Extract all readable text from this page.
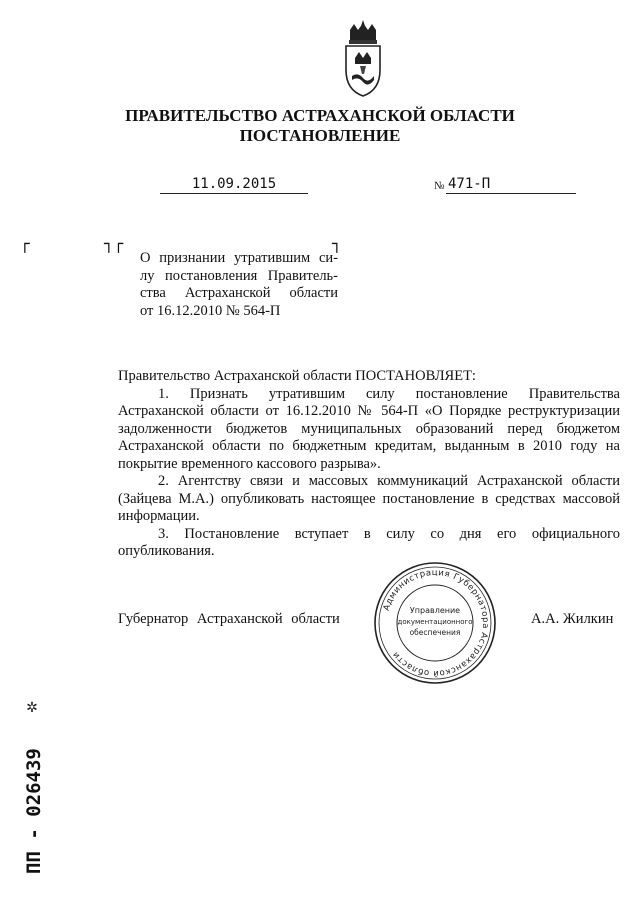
ПРАВИТЕЛЬСТВО АСТРАХАНСКОЙ ОБЛАСТИ
ПОСТАНОВЛЕНИЕ
11.09.2015	№ 471-П
┌	┐┌	┐
О признании утратившим си-
лу постановления Правитель-
ства Астраханской области
от 16.12.2010 № 564-П

Правительство Астраханской области ПОСТАНОВЛЯЕТ:

1. Признать утратившим силу постановление Правительства Астраханской области от 16.12.2010 № 564-П «О Порядке реструктуризации задолженности бюджетов муниципальных образований перед бюджетом Астраханской области по бюджетным кредитам, выданным в 2010 году на покрытие временного кассового разрыва».

2. Агентству связи и массовых коммуникаций Астраханской области (Зайцева М.А.) опубликовать настоящее постановление в средствах массовой информации.

3. Постановление вступает в силу со дня его официального опубликования.

Губернатор Астраханской области	А.А. Жилкин
Администрация Губернатора Астраханской области
Управление
документационного
обеспечения
✲
ПП - 026439
